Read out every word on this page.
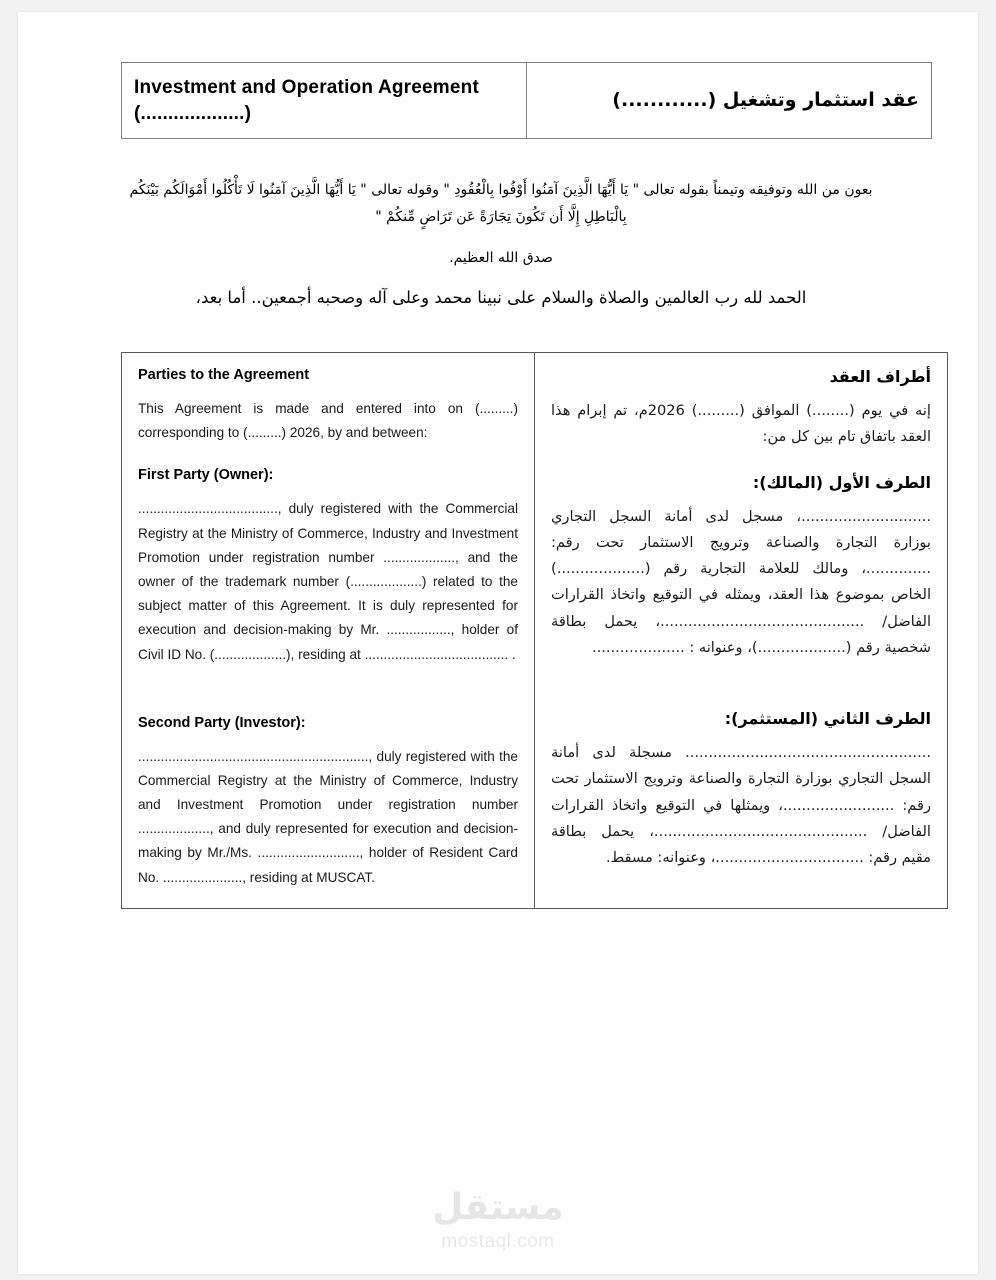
Investment and Operation Agreement (...................)

عقد استثمار وتشغيل (............)
بعون من الله وتوفيقه وتيمناً بقوله تعالى " يَا أَيُّهَا الَّذِينَ آمَنُوا أَوْفُوا بِالْعُقُودِ " وقوله تعالى " يَا أَيُّهَا الَّذِينَ آمَنُوا لَا تَأْكُلُوا أَمْوَالَكُم بَيْنَكُم بِالْبَاطِلِ إِلَّا أَن تَكُونَ تِجَارَةً عَن تَرَاضٍ مِّنكُمْ "
صدق الله العظيم.
الحمد لله رب العالمين والصلاة والسلام على نبينا محمد وعلى آله وصحبه أجمعين.. أما بعد،
Parties to the Agreement
This Agreement is made and entered into on (.........) corresponding to (.........) 2026, by and between:
First Party (Owner):
....................................., duly registered with the Commercial Registry at the Ministry of Commerce, Industry and Investment Promotion under registration number ..................., and the owner of the trademark number (...................) related to the subject matter of this Agreement. It is duly represented for execution and decision-making by Mr. ................., holder of Civil ID No. (...................), residing at ...................................... .
Second Party (Investor):
............................................................., duly registered with the Commercial Registry at the Ministry of Commerce, Industry and Investment Promotion under registration number ..................., and duly represented for execution and decision-making by Mr./Ms. ..........................., holder of Resident Card No. ....................., residing at MUSCAT.

أطراف العقد
إنه في يوم (........) الموافق (.........) 2026م، تم إبرام هذا العقد باتفاق تام بين كل من:
الطرف الأول (المالك):
............................، مسجل لدى أمانة السجل التجاري بوزارة التجارة والصناعة وترويج الاستثمار تحت رقم: ..............، ومالك للعلامة التجارية رقم (...................) الخاص بموضوع هذا العقد، ويمثله في التوقيع واتخاذ القرارات الفاضل/ ............................................، يحمل بطاقة شخصية رقم (...................)، وعنوانه : ....................
الطرف الثاني (المستثمر):
..................................................... مسجلة لدى أمانة السجل التجاري بوزارة التجارة والصناعة وترويج الاستثمار تحت رقم: ........................، ويمثلها في التوقيع واتخاذ القرارات الفاضل/ ..............................................، يحمل بطاقة مقيم رقم: ................................، وعنوانه: مسقط.
مستقل
mostaql.com
